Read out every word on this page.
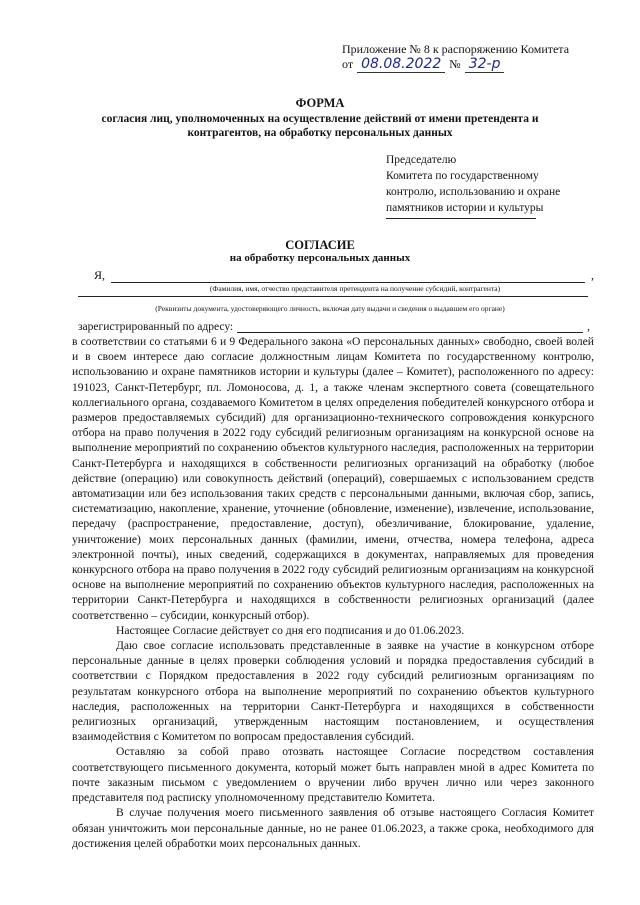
Приложение № 8 к распоряжению Комитета
от 08.08.2022 № 32-р
ФОРМА
согласия лиц, уполномоченных на осуществление действий от имени претендента и контрагентов, на обработку персональных данных
Председателю
Комитета по государственному
контролю, использованию и охране
памятников истории и культуры
СОГЛАСИЕ
на обработку персональных данных
Я,	,
(Фамилия, имя, отчество представителя претендента на получение субсидий, контрагента)
(Реквизиты документа, удостоверяющего личность, включая дату выдачи и сведения о выдавшем его органе)
зарегистрированный по адресу:	,

в соответствии со статьями 6 и 9 Федерального закона «О персональных данных» свободно, своей волей и в своем интересе даю согласие должностным лицам Комитета по государственному контролю, использованию и охране памятников истории и культуры (далее – Комитет), расположенного по адресу: 191023, Санкт-Петербург, пл. Ломоносова, д. 1, а также членам экспертного совета (совещательного коллегиального органа, создаваемого Комитетом в целях определения победителей конкурсного отбора и размеров предоставляемых субсидий) для организационно-технического сопровождения конкурсного отбора на право получения в 2022 году субсидий религиозным организациям на конкурсной основе на выполнение мероприятий по сохранению объектов культурного наследия, расположенных на территории Санкт-Петербурга и находящихся в собственности религиозных организаций на обработку (любое действие (операцию) или совокупность действий (операций), совершаемых с использованием средств автоматизации или без использования таких средств с персональными данными, включая сбор, запись, систематизацию, накопление, хранение, уточнение (обновление, изменение), извлечение, использование, передачу (распространение, предоставление, доступ), обезличивание, блокирование, удаление, уничтожение) моих персональных данных (фамилии, имени, отчества, номера телефона, адреса электронной почты), иных сведений, содержащихся в документах, направляемых для проведения конкурсного отбора на право получения в 2022 году субсидий религиозным организациям на конкурсной основе на выполнение мероприятий по сохранению объектов культурного наследия, расположенных на территории Санкт-Петербурга и находящихся в собственности религиозных организаций (далее соответственно – субсидии, конкурсный отбор).

Настоящее Согласие действует со дня его подписания и до 01.06.2023.

Даю свое согласие использовать представленные в заявке на участие в конкурсном отборе персональные данные в целях проверки соблюдения условий и порядка предоставления субсидий в соответствии с Порядком предоставления в 2022 году субсидий религиозным организациям по результатам конкурсного отбора на выполнение мероприятий по сохранению объектов культурного наследия, расположенных на территории Санкт-Петербурга и находящихся в собственности религиозных организаций, утвержденным настоящим постановлением, и осуществления взаимодействия с Комитетом по вопросам предоставления субсидий.

Оставляю за собой право отозвать настоящее Согласие посредством составления соответствующего письменного документа, который может быть направлен мной в адрес Комитета по почте заказным письмом с уведомлением о вручении либо вручен лично или через законного представителя под расписку уполномоченному представителю Комитета.

В случае получения моего письменного заявления об отзыве настоящего Согласия Комитет обязан уничтожить мои персональные данные, но не ранее 01.06.2023, а также срока, необходимого для достижения целей обработки моих персональных данных.
